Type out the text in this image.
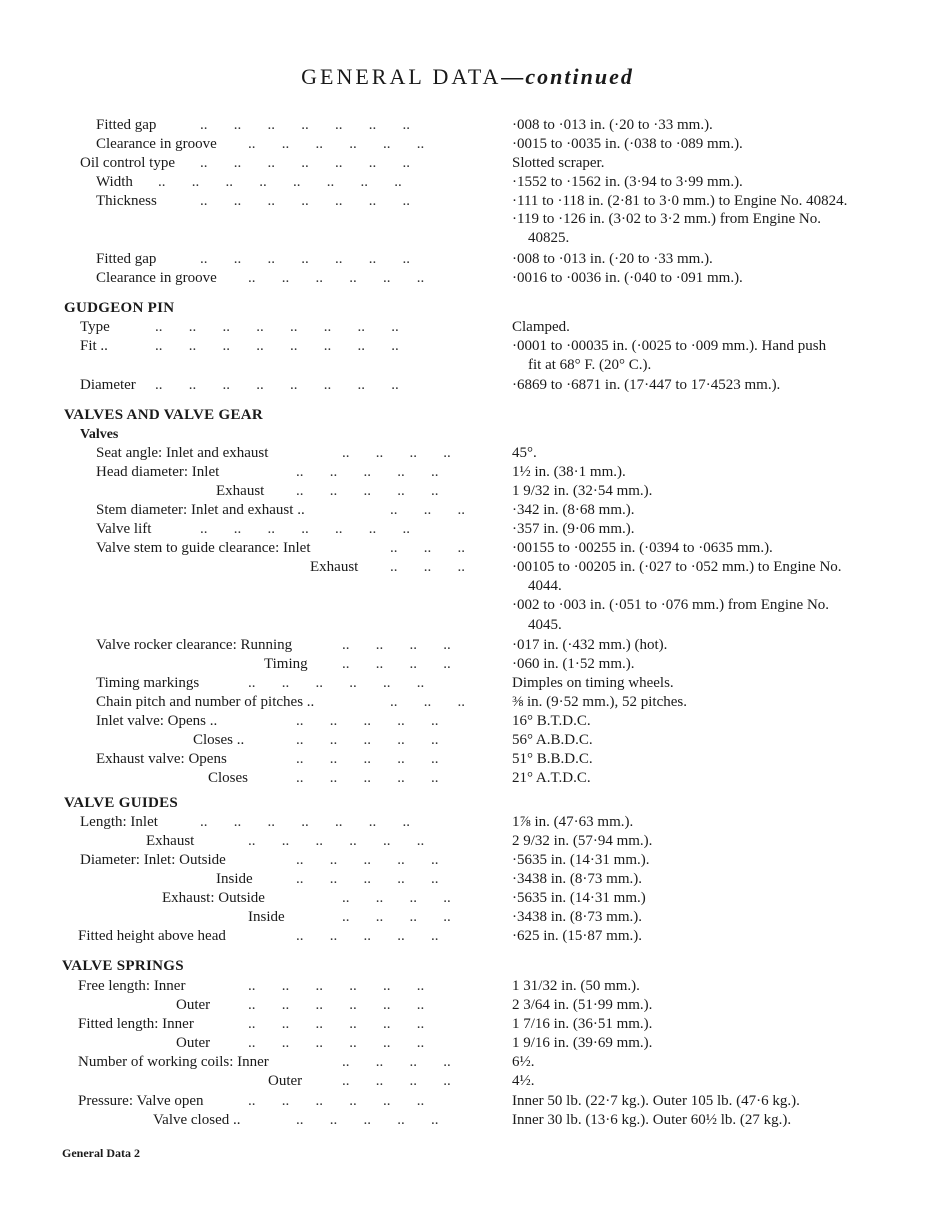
GENERAL DATA—continued
Fitted gap	..       ..       ..       ..       ..       ..       ..	·008 to ·013 in. (·20 to ·33 mm.).
Clearance in groove ..       ..       ..       ..       ..       ..	·0015 to ·0035 in. (·038 to ·089 mm.).
Oil control type ..       ..       ..       ..       ..       ..       ..	Slotted scraper.
Width ..       ..       ..       ..       ..       ..       ..       ..	·1552 to ·1562 in. (3·94 to 3·99 mm.).
Thickness	..       ..       ..       ..       ..       ..       ..	·111 to ·118 in. (2·81 to 3·0 mm.) to Engine No. 40824.
·119 to ·126 in. (3·02 to 3·2 mm.) from Engine No.
40825.
Fitted gap	..       ..       ..       ..       ..       ..       ..	·008 to ·013 in. (·20 to ·33 mm.).
Clearance in groove ..       ..       ..       ..       ..       ..	·0016 to ·0036 in. (·040 to ·091 mm.).
GUDGEON PIN
Type	..       ..       ..       ..       ..       ..       ..       ..	Clamped.
Fit ..	..       ..       ..       ..       ..       ..       ..       ..	·0001 to ·00035 in. (·0025 to ·009 mm.). Hand push
fit at 68° F. (20° C.).
Diameter ..       ..       ..       ..       ..       ..       ..       ..	·6869 to ·6871 in. (17·447 to 17·4523 mm.).
VALVES AND VALVE GEAR
Valves
Seat angle: Inlet and exhaust	..       ..       ..       ..	45°.
Head diameter: Inlet	..       ..       ..       ..       ..	1½ in. (38·1 mm.).
Exhaust ..       ..       ..       ..       ..	1 9/32 in. (32·54 mm.).
Stem diameter: Inlet and exhaust ..	..       ..       ..	·342 in. (8·68 mm.).
Valve lift	..       ..       ..       ..       ..       ..       ..	·357 in. (9·06 mm.).
Valve stem to guide clearance: Inlet	..       ..       ..	·00155 to ·00255 in. (·0394 to ·0635 mm.).
Exhaust ..       ..       ..	·00105 to ·00205 in. (·027 to ·052 mm.) to Engine No.
4044.
·002 to ·003 in. (·051 to ·076 mm.) from Engine No.
4045.
Valve rocker clearance: Running	..       ..       ..       ..	·017 in. (·432 mm.) (hot).
Timing ..       ..       ..       ..	·060 in. (1·52 mm.).
Timing markings	..       ..       ..       ..       ..       ..	Dimples on timing wheels.
Chain pitch and number of pitches ..	..       ..       ..	⅜ in. (9·52 mm.), 52 pitches.
Inlet valve: Opens ..	..       ..       ..       ..       ..	16° B.T.D.C.
Closes ..	..       ..       ..       ..       ..	56° A.B.D.C.
Exhaust valve: Opens	..       ..       ..       ..       ..	51° B.B.D.C.
Closes	..       ..       ..       ..       ..	21° A.T.D.C.
VALVE GUIDES
Length: Inlet	..       ..       ..       ..       ..       ..       ..	1⅞ in. (47·63 mm.).
Exhaust	..       ..       ..       ..       ..       ..	2 9/32 in. (57·94 mm.).
Diameter: Inlet: Outside	..       ..       ..       ..       ..	·5635 in. (14·31 mm.).
Inside	..       ..       ..       ..       ..	·3438 in. (8·73 mm.).
Exhaust: Outside	..       ..       ..       ..	·5635 in. (14·31 mm.)
Inside	..       ..       ..       ..	·3438 in. (8·73 mm.).
Fitted height above head	..       ..       ..       ..       ..	·625 in. (15·87 mm.).
VALVE SPRINGS
Free length: Inner	..       ..       ..       ..       ..       ..	1 31/32 in. (50 mm.).
Outer	..       ..       ..       ..       ..       ..	2 3/64 in. (51·99 mm.).
Fitted length: Inner	..       ..       ..       ..       ..       ..	1 7/16 in. (36·51 mm.).
Outer	..       ..       ..       ..       ..       ..	1 9/16 in. (39·69 mm.).
Number of working coils: Inner	..       ..       ..       ..	6½.
Outer	..       ..       ..       ..	4½.
Pressure: Valve open	..       ..       ..       ..       ..       ..	Inner 50 lb. (22·7 kg.). Outer 105 lb. (47·6 kg.).
Valve closed ..	..       ..       ..       ..       ..	Inner 30 lb. (13·6 kg.). Outer 60½ lb. (27 kg.).
General Data 2
